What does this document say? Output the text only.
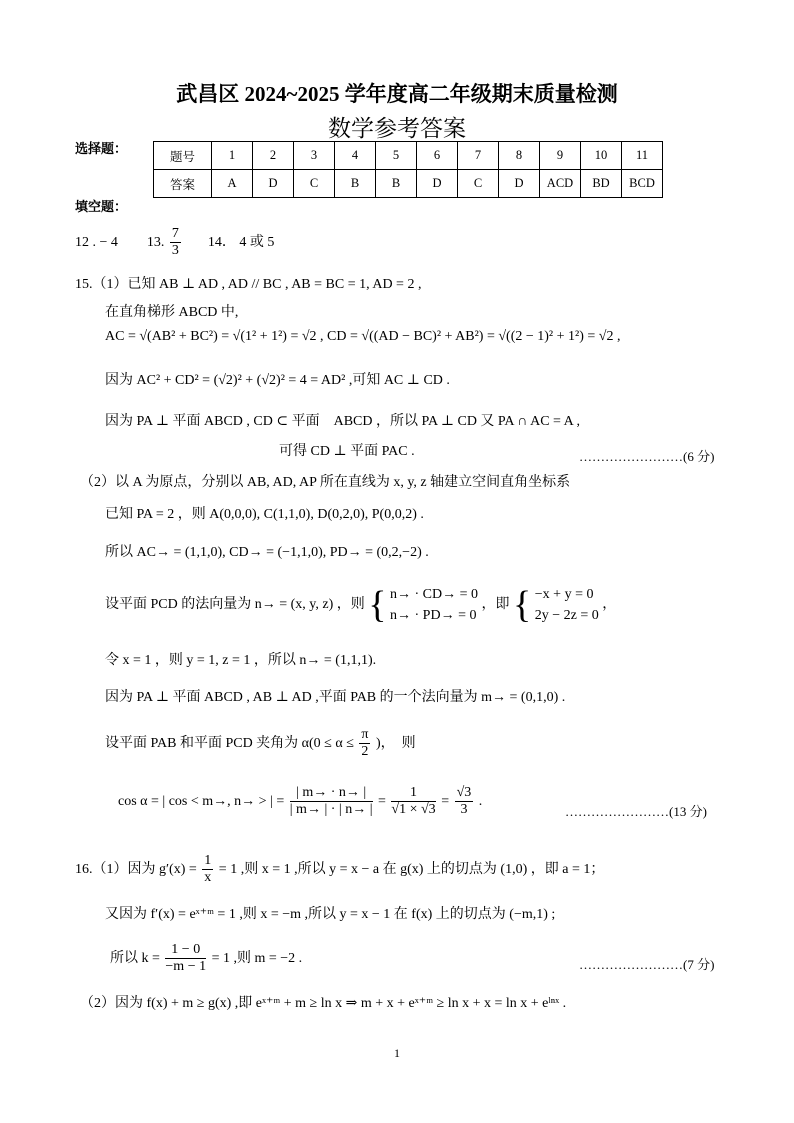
武昌区 2024~2025 学年度高二年级期末质量检测
数学参考答案
选择题：
填空题：
题号	1	2	3	4	5	6	7	8	9	10	11
答案	A	D	C	B	B	D	C	D	ACD	BD	BCD
12 . − 4 13. $\frac{7}{3} 14$． 4 或 5
15.（1）已知 AB ⊥ AD , AD // BC , AB = BC = 1, AD = 2 ,
在直角梯形 ABCD 中,
AC = √(AB² + BC²) = √(1² + 1²) = √2 , CD = √((AD − BC)² + AB²) = √((2 − 1)² + 1²) = √2 ,
因为 AC² + CD² = (√2)² + (√2)² = 4 = AD² ,可知 AC ⊥ CD .
因为 PA ⊥ 平面 ABCD , CD ⊂ 平面　ABCD ，所以 PA ⊥ CD 又 PA ∩ AC = A ,
可得 CD ⊥ 平面 PAC .	……………………(6 分)
（2）以 A 为原点，分别以 AB, AD, AP 所在直线为 x, y, z 轴建立空间直角坐标系
已知 PA = 2 ，则 A(0,0,0), C(1,1,0), D(0,2,0), P(0,0,2) .
所以 AC→ = (1,1,0), CD→ = (−1,1,0), PD→ = (0,2,−2) .
设平面 PCD 的法向量为 n→ = (x, y, z) ，则 { n→ · CD→ = 0
n→ · PD→ = 0
，即 { −x + y = 0
2y − 2z = 0
，
令 x = 1 ，则 y = 1, z = 1 ，所以 n→ = (1,1,1).
因为 PA ⊥ 平面 ABCD , AB ⊥ AD ,平面 PAB 的一个法向量为 m→ = (0,1,0) .
设平面 PAB 和平面 PCD 夹角为 $\alpha(0 \le \alpha \le \frac{\pi}{2}$ )，　则
cos α = | cos < m→, n→ > | = $\frac{| m\to \cdot n\to |}{| m\to | \cdot | n\to |} = \frac{1}{√1 \times √3} = \frac{√3}{3}$ .
……………………(13 分)
16.（1）因为 $g'(x) = \frac{1}{x} = 1$ ,则 x = 1 ,所以 y = x − a 在 g(x) 上的切点为 (1,0) ，即 a = 1；
又因为 f′(x) = eˣ⁺ᵐ = 1 ,则 x = −m ,所以 y = x − 1 在 f(x) 上的切点为 (−m,1) ;
所以 $k = \frac{1 - 0}{-m - 1} = 1$ ,则 m = −2 .	……………………(7 分)
（2）因为 f(x) + m ≥ g(x) ,即 eˣ⁺ᵐ + m ≥ ln x ⇒ m + x + eˣ⁺ᵐ ≥ ln x + x = ln x + eˡⁿˣ .
1
